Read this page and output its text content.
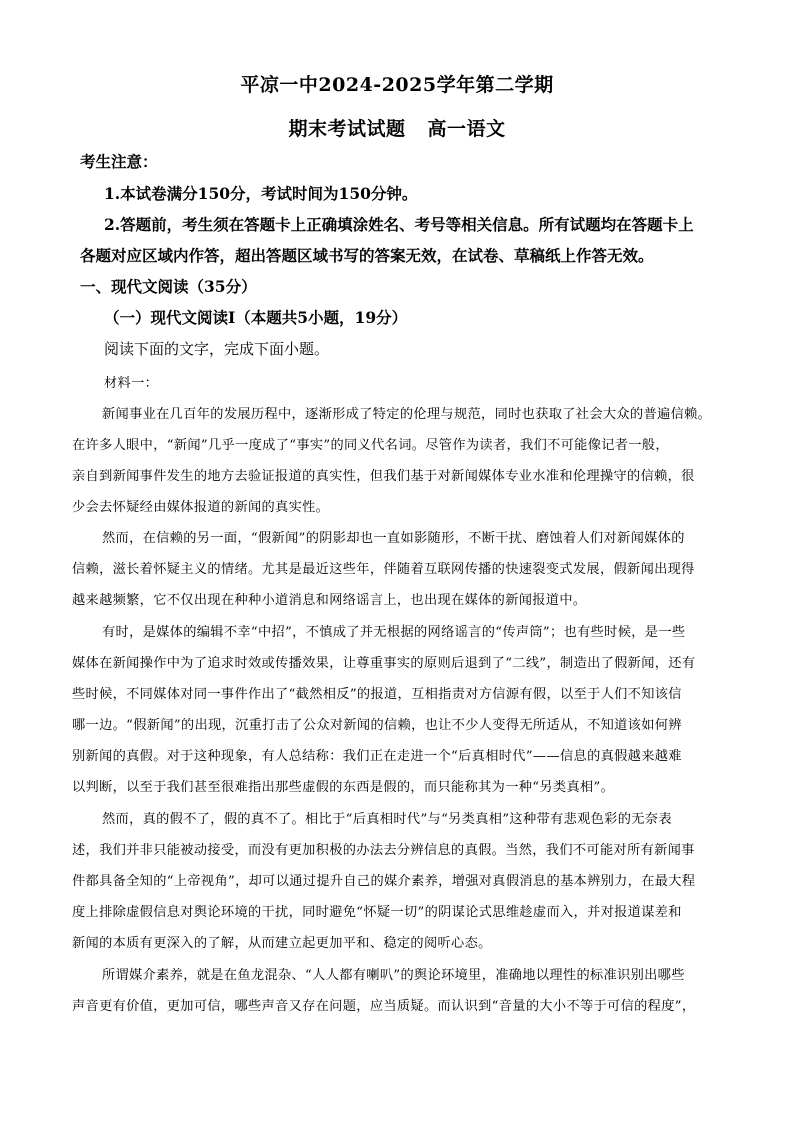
平凉一中2024-2025学年第二学期
期末考试试题 高一语文
考生注意：
1.本试卷满分150分，考试时间为150分钟。
2.答题前，考生须在答题卡上正确填涂姓名、考号等相关信息。所有试题均在答题卡上
各题对应区域内作答，超出答题区域书写的答案无效，在试卷、草稿纸上作答无效。
一、现代文阅读（35分）
（一）现代文阅读Ⅰ（本题共5小题，19分）
阅读下面的文字，完成下面小题。
材料一：
新闻事业在几百年的发展历程中，逐渐形成了特定的伦理与规范，同时也获取了社会大众的普遍信赖。
在许多人眼中，“新闻”几乎一度成了“事实”的同义代名词。尽管作为读者，我们不可能像记者一般，
亲自到新闻事件发生的地方去验证报道的真实性，但我们基于对新闻媒体专业水准和伦理操守的信赖，很
少会去怀疑经由媒体报道的新闻的真实性。
然而，在信赖的另一面，“假新闻”的阴影却也一直如影随形，不断干扰、磨蚀着人们对新闻媒体的
信赖，滋长着怀疑主义的情绪。尤其是最近这些年，伴随着互联网传播的快速裂变式发展，假新闻出现得
越来越频繁，它不仅出现在种种小道消息和网络谣言上，也出现在媒体的新闻报道中。
有时，是媒体的编辑不幸“中招”，不慎成了并无根据的网络谣言的“传声筒”；也有些时候，是一些
媒体在新闻操作中为了追求时效或传播效果，让尊重事实的原则后退到了“二线”，制造出了假新闻，还有
些时候，不同媒体对同一事件作出了“截然相反”的报道，互相指责对方信源有假，以至于人们不知该信
哪一边。“假新闻”的出现，沉重打击了公众对新闻的信赖，也让不少人变得无所适从，不知道该如何辨
别新闻的真假。对于这种现象，有人总结称：我们正在走进一个“后真相时代”——信息的真假越来越难
以判断，以至于我们甚至很难指出那些虚假的东西是假的，而只能称其为一种“另类真相”。
然而，真的假不了，假的真不了。相比于“后真相时代”与“另类真相”这种带有悲观色彩的无奈表
述，我们并非只能被动接受，而没有更加积极的办法去分辨信息的真假。当然，我们不可能对所有新闻事
件都具备全知的“上帝视角”，却可以通过提升自己的媒介素养，增强对真假消息的基本辨别力，在最大程
度上排除虚假信息对舆论环境的干扰，同时避免“怀疑一切”的阴谋论式思维趁虚而入，并对报道谋差和
新闻的本质有更深入的了解，从而建立起更加平和、稳定的阅听心态。
所谓媒介素养，就是在鱼龙混杂、“人人都有喇叭”的舆论环境里，准确地以理性的标准识别出哪些
声音更有价值，更加可信，哪些声音又存在问题，应当质疑。而认识到“音量的大小不等于可信的程度”，
